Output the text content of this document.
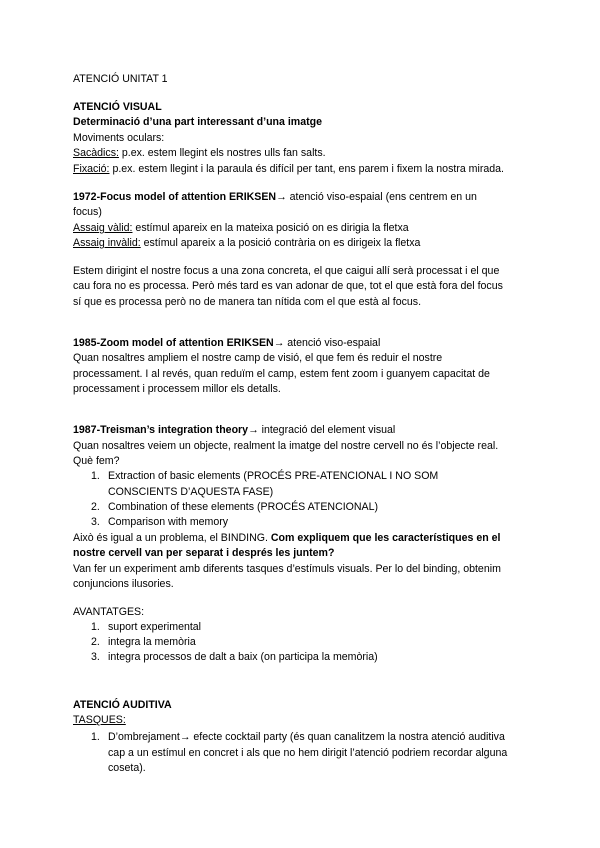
ATENCIÓ UNITAT 1
ATENCIÓ VISUAL
Determinació d’una part interessant d’una imatge
Moviments oculars:
Sacàdics: p.ex. estem llegint els nostres ulls fan salts.
Fixació: p.ex. estem llegint i la paraula és difícil per tant, ens parem i fixem la nostra mirada.
1972-Focus model of attention ERIKSEN→ atenció viso-espaial (ens centrem en un
focus)
Assaig vàlid: estímul apareix en la mateixa posició on es dirigia la fletxa
Assaig invàlid: estímul apareix a la posició contrària on es dirigeix la fletxa
Estem dirigint el nostre focus a una zona concreta, el que caigui allí serà processat i el que
cau fora no es processa. Però més tard es van adonar de que, tot el que està fora del focus
sí que es processa però no de manera tan nítida com el que està al focus.
1985-Zoom model of attention ERIKSEN→ atenció viso-espaial
Quan nosaltres ampliem el nostre camp de visió, el que fem és reduir el nostre
processament. I al revés, quan reduïm el camp, estem fent zoom i guanyem capacitat de
processament i processem millor els detalls.
1987-Treisman’s integration theory→ integració del element visual
Quan nosaltres veiem un objecte, realment la imatge del nostre cervell no és l’objecte real.
Què fem?
1. Extraction of basic elements (PROCÉS PRE-ATENCIONAL I NO SOM
CONSCIENTS D’AQUESTA FASE)
2. Combination of these elements (PROCÉS ATENCIONAL)
3. Comparison with memory
Això és igual a un problema, el BINDING. Com expliquem que les característiques en el
nostre cervell van per separat i després les juntem?
Van fer un experiment amb diferents tasques d’estímuls visuals. Per lo del binding, obtenim
conjuncions ilusories.
AVANTATGES:
1. suport experimental
2. integra la memòria
3. integra processos de dalt a baix (on participa la memòria)
ATENCIÓ AUDITIVA
TASQUES:
1. D’ombrejament→ efecte cocktail party (és quan canalitzem la nostra atenció auditiva
cap a un estímul en concret i als que no hem dirigit l’atenció podriem recordar alguna
coseta).
